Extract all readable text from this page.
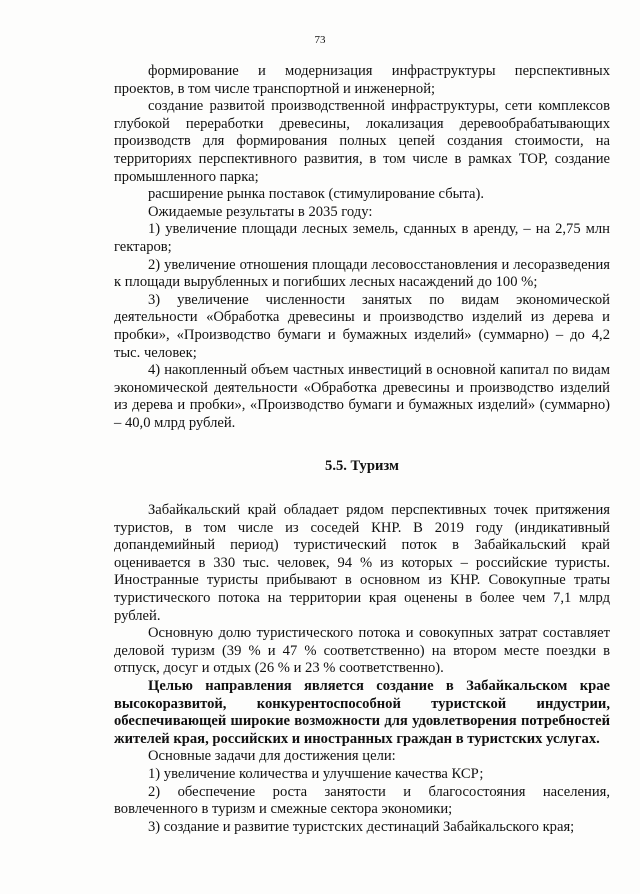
73

формирование и модернизация инфраструктуры перспективных проектов, в том числе транспортной и инженерной;

создание развитой производственной инфраструктуры, сети комплексов глубокой переработки древесины, локализация деревообрабатывающих производств для формирования полных цепей создания стоимости, на территориях перспективного развития, в том числе в рамках ТОР, создание промышленного парка;

расширение рынка поставок (стимулирование сбыта).

Ожидаемые результаты в 2035 году:

1) увеличение площади лесных земель, сданных в аренду, – на 2,75 млн гектаров;

2) увеличение отношения площади лесовосстановления и лесоразведения к площади вырубленных и погибших лесных насаждений до 100 %;

3) увеличение численности занятых по видам экономической деятельности «Обработка древесины и производство изделий из дерева и пробки», «Производство бумаги и бумажных изделий» (суммарно) – до 4,2 тыс. человек;

4) накопленный объем частных инвестиций в основной капитал по видам экономической деятельности «Обработка древесины и производство изделий из дерева и пробки», «Производство бумаги и бумажных изделий» (суммарно) – 40,0 млрд рублей.

5.5. Туризм

Забайкальский край обладает рядом перспективных точек притяжения туристов, в том числе из соседей КНР. В 2019 году (индикативный допандемийный период) туристический поток в Забайкальский край оценивается в 330 тыс. человек, 94 % из которых – российские туристы. Иностранные туристы прибывают в основном из КНР. Совокупные траты туристического потока на территории края оценены в более чем 7,1 млрд рублей.

Основную долю туристического потока и совокупных затрат составляет деловой туризм (39 % и 47 % соответственно) на втором месте поездки в отпуск, досуг и отдых (26 % и 23 % соответственно).

Целью направления является создание в Забайкальском крае высокоразвитой, конкурентоспособной туристской индустрии, обеспечивающей широкие возможности для удовлетворения потребностей жителей края, российских и иностранных граждан в туристских услугах.

Основные задачи для достижения цели:

1) увеличение количества и улучшение качества КСР;

2) обеспечение роста занятости и благосостояния населения, вовлеченного в туризм и смежные сектора экономики;

3) создание и развитие туристских дестинаций Забайкальского края;
